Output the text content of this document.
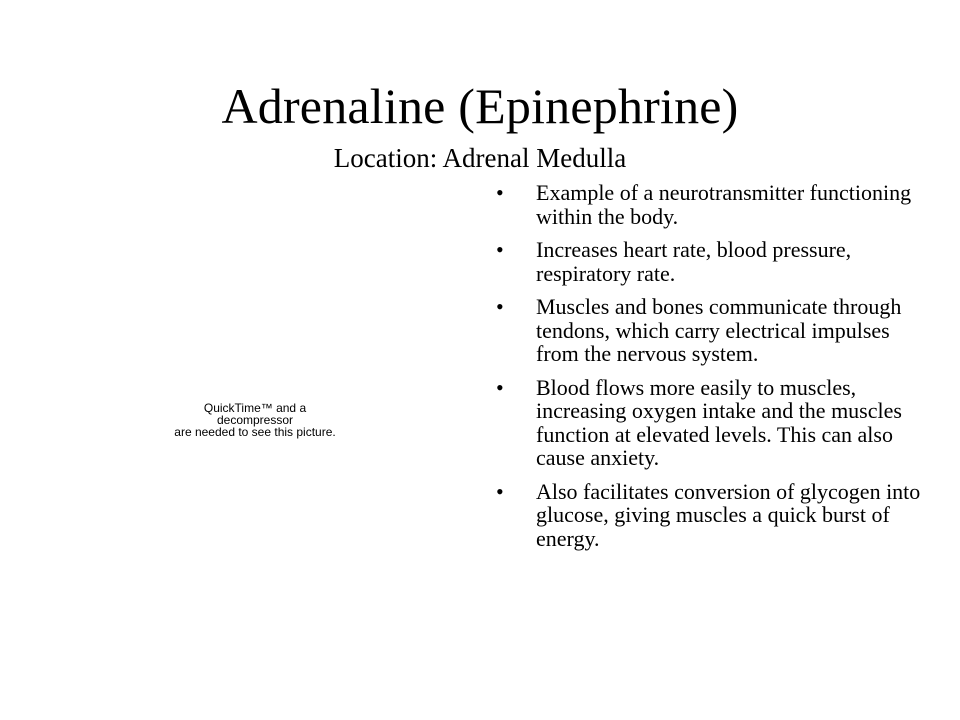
Adrenaline (Epinephrine)
Location: Adrenal Medulla
QuickTime™ and a
decompressor
are needed to see this picture.
• Example of a neurotransmitter functioning within the body.
• Increases heart rate, blood pressure, respiratory rate.
• Muscles and bones communicate through tendons, which carry electrical impulses from the nervous system.
• Blood flows more easily to muscles, increasing oxygen intake and the muscles function at elevated levels. This can also cause anxiety.
• Also facilitates conversion of glycogen into glucose, giving muscles a quick burst of energy.
